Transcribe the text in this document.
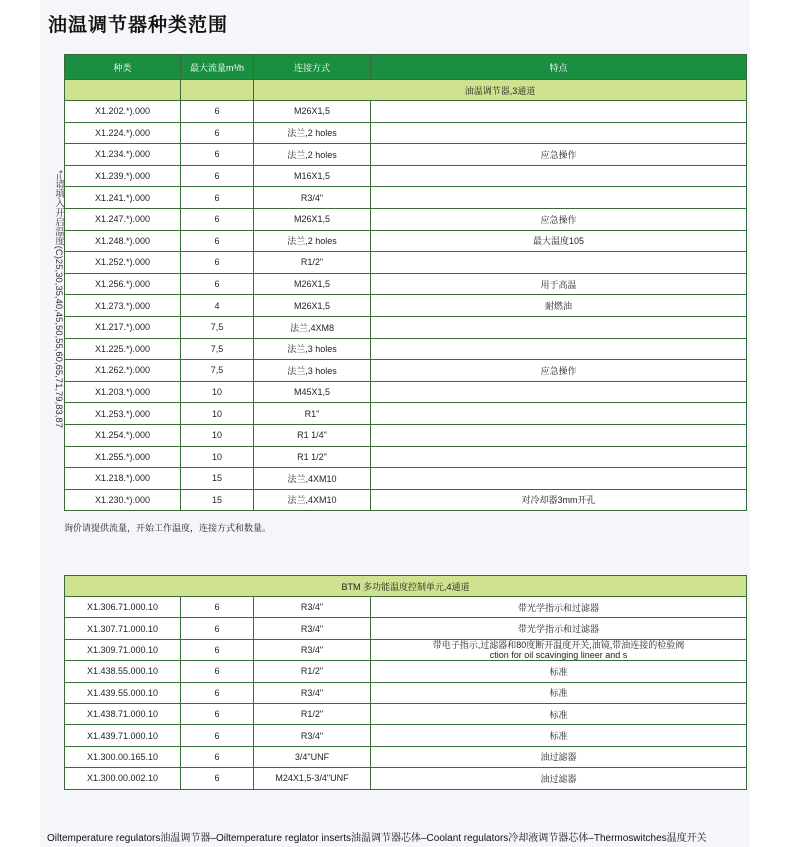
油温调节器种类范围
*=请填入开启温度(C)25,30,35,40,45,50,55,60,65,71,79,83,87
种类	最大流量m³/h	连接方式	特点
		油温调节器,3通道	
X1.202.*).000	6	M26X1,5	
X1.224.*).000	6	法兰,2 holes	
X1.234.*).000	6	法兰,2 holes	应急操作
X1.239.*).000	6	M16X1,5	
X1.241.*).000	6	R3/4"	
X1.247.*).000	6	M26X1,5	应急操作
X1.248.*).000	6	法兰,2 holes	最大温度105
X1.252.*).000	6	R1/2"	
X1.256.*).000	6	M26X1,5	用于高温
X1.273.*).000	4	M26X1,5	耐燃油
X1.217.*).000	7,5	法兰,4XM8	
X1.225.*).000	7,5	法兰,3 holes	
X1.262.*).000	7,5	法兰,3 holes	应急操作
X1.203.*).000	10	M45X1,5	
X1.253.*).000	10	R1"	
X1.254.*).000	10	R1 1/4"	
X1.255.*).000	10	R1 1/2"	
X1.218.*).000	15	法兰,4XM10	
X1.230.*).000	15	法兰,4XM10	对冷却器3mm开孔
询价请提供流量，开始工作温度，连接方式和数量。
BTM 多功能温度控制单元,4通道			
X1.306.71.000.10	6	R3/4"	带光学指示和过滤器
X1.307.71.000.10	6	R3/4"	带光学指示和过滤器
X1.309.71.000.10	6	R3/4"	带电子指示,过滤器和80度断开温度开关,油镜,带油连接的检验阀
ction for oil scavinging lineer and s
X1.438.55.000.10	6	R1/2"	标准
X1.439.55.000.10	6	R3/4"	标准
X1.438.71.000.10	6	R1/2"	标准
X1.439.71.000.10	6	R3/4"	标准
X1.300.00.165.10	6	3/4"UNF	油过滤器
X1.300.00.002.10	6	M24X1,5-3/4"UNF	油过滤器
Oiltemperature regulators油温调节器–Oiltemperature reglator inserts油温调节器芯体–Coolant regulators冷却液调节器芯体–Thermoswitches温度开关
